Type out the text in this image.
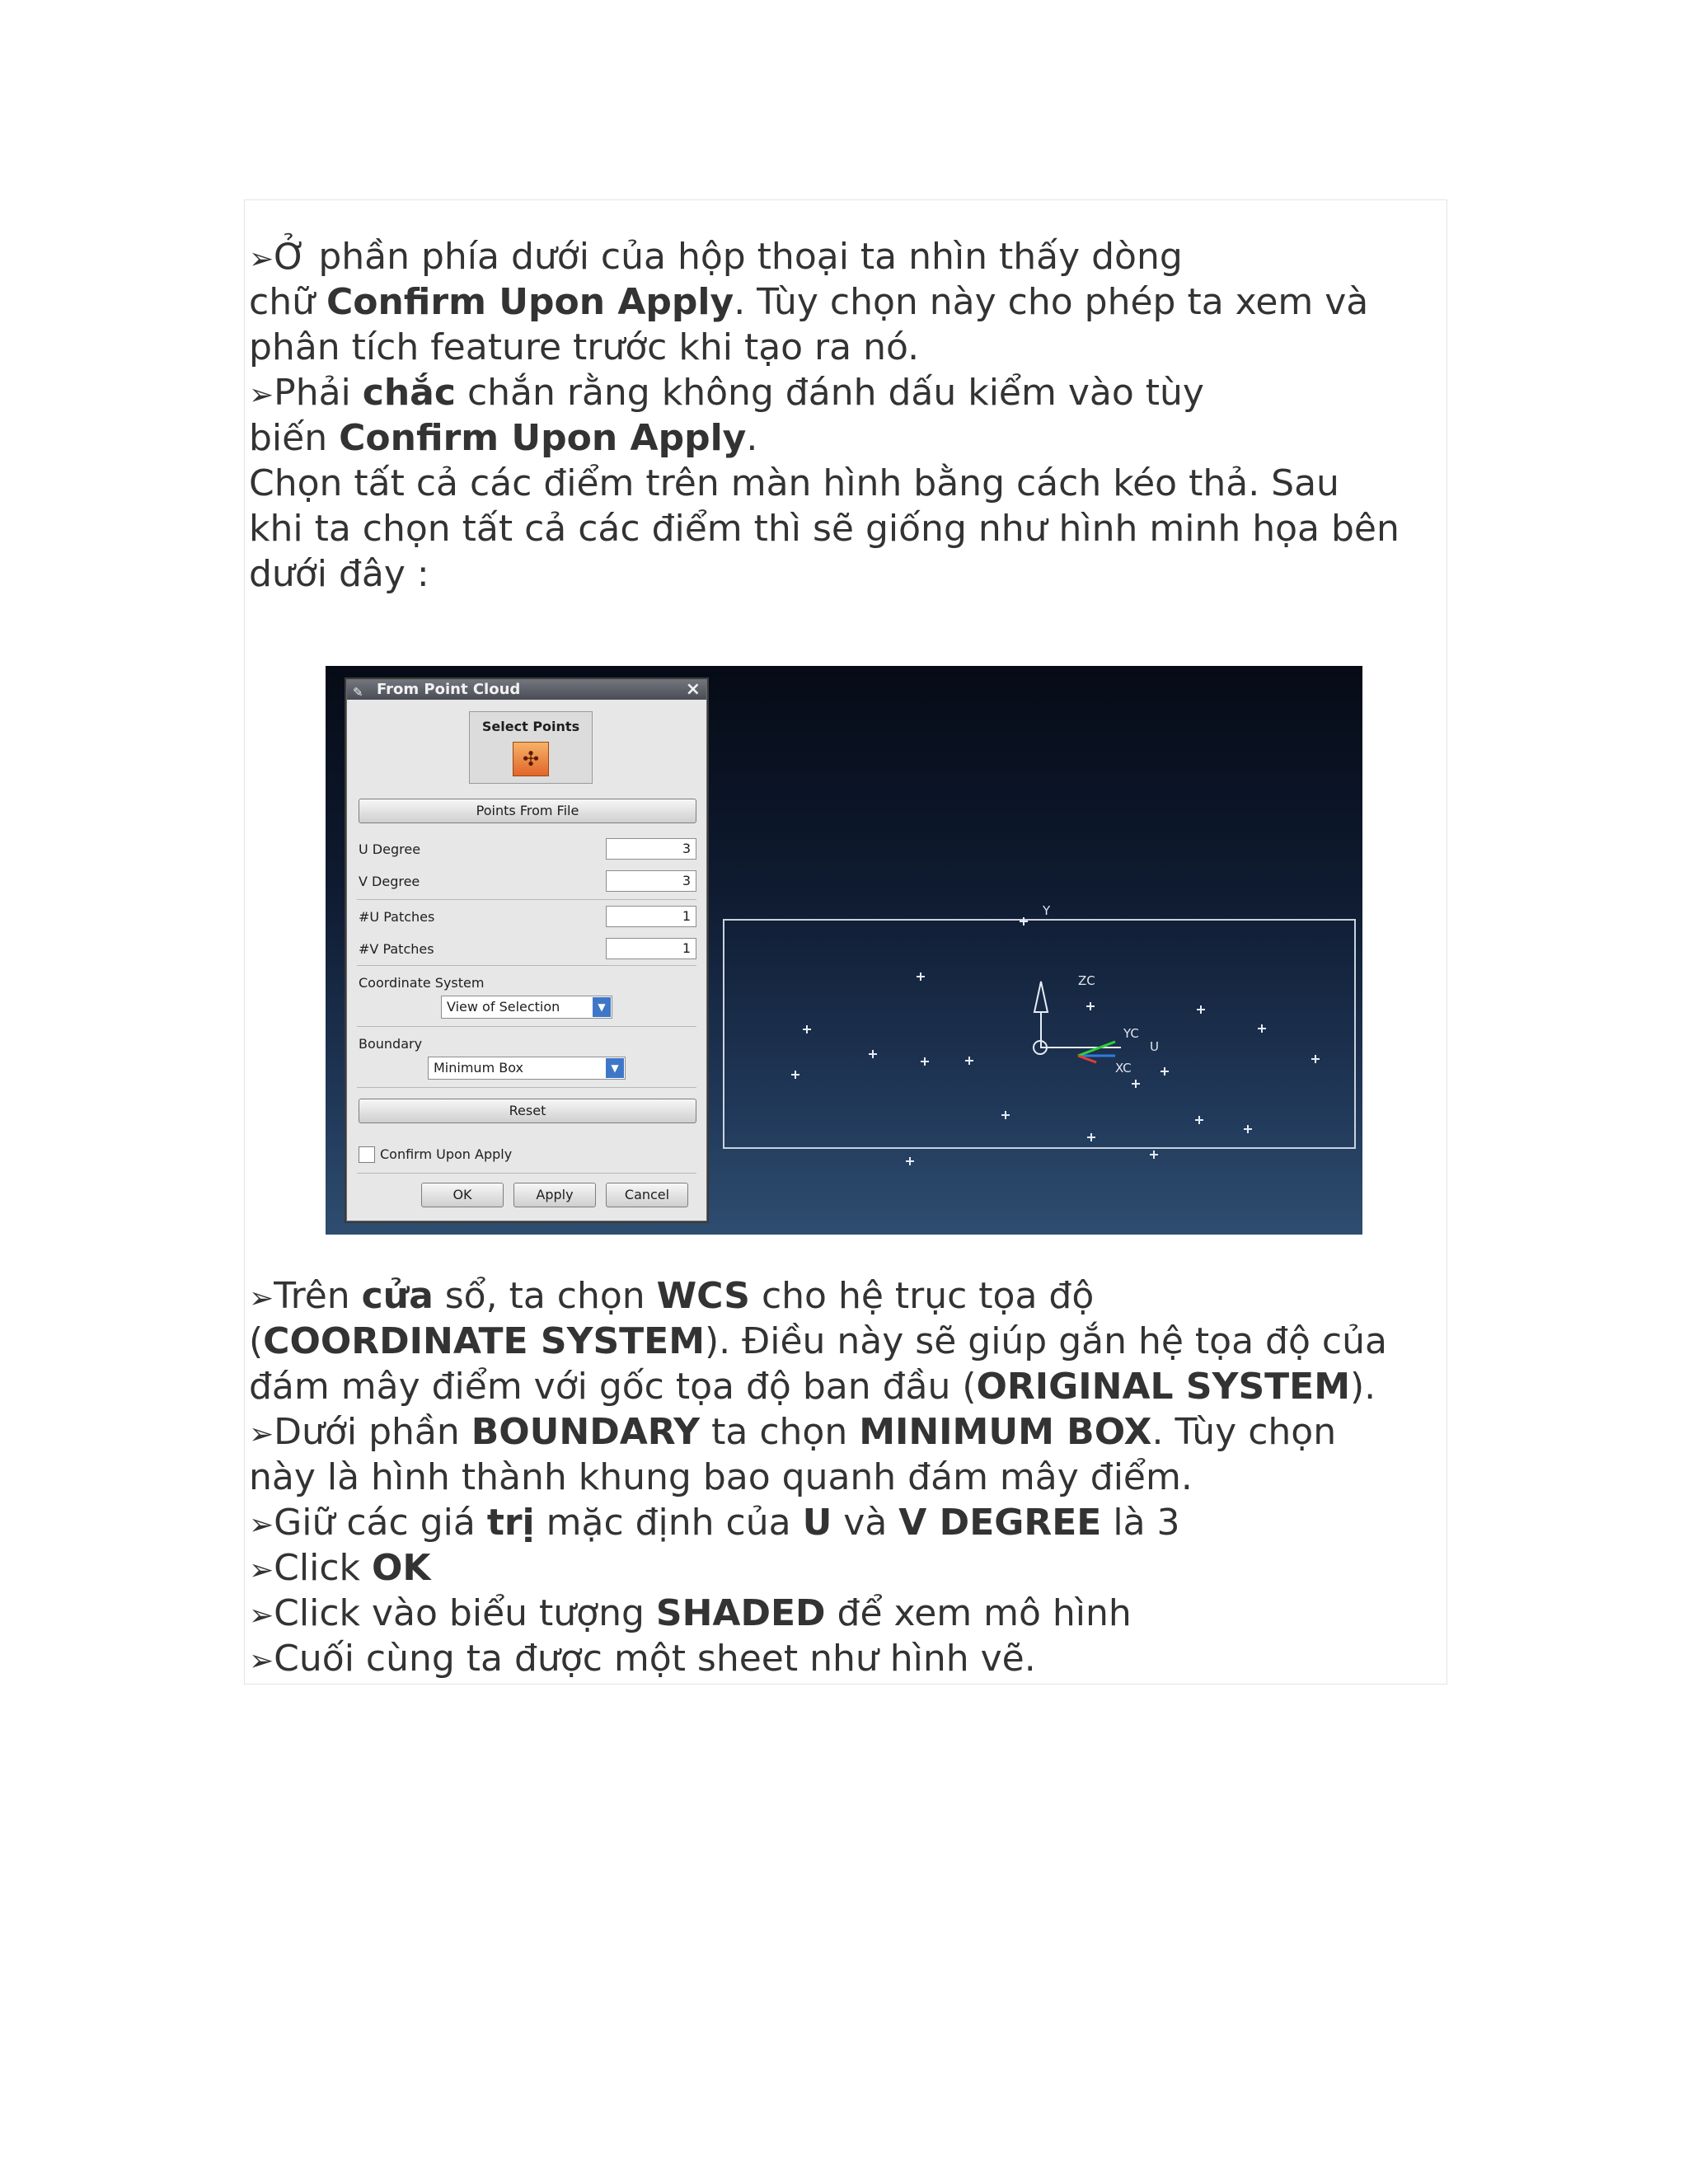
➢Ở phần phía dưới của hộp thoại ta nhìn thấy dòng
chữ Confirm Upon Apply. Tùy chọn này cho phép ta xem và
phân tích feature trước khi tạo ra nó.
➢Phải chắc chắn rằng không đánh dấu kiểm vào tùy
biến Confirm Upon Apply.
Chọn tất cả các điểm trên màn hình bằng cách kéo thả. Sau
khi ta chọn tất cả các điểm thì sẽ giống như hình minh họa bên
dưới đây :
Y
ZC
YC
U
XC
✎ From Point Cloud	×
Select Points
✣
Points From File
U Degree	3
V Degree	3
#U Patches	1
#V Patches	1
Coordinate System
View of Selection	▼
Boundary
Minimum Box	▼
Reset
Confirm Upon Apply
OK	Apply	Cancel
➢Trên cửa sổ, ta chọn WCS cho hệ trục tọa độ
(COORDINATE SYSTEM). Điều này sẽ giúp gắn hệ tọa độ của
đám mây điểm với gốc tọa độ ban đầu (ORIGINAL SYSTEM).
➢Dưới phần BOUNDARY ta chọn MINIMUM BOX. Tùy chọn
này là hình thành khung bao quanh đám mây điểm.
➢Giữ các giá trị mặc định của U và V DEGREE là 3
➢Click OK
➢Click vào biểu tượng SHADED để xem mô hình
➢Cuối cùng ta được một sheet như hình vẽ.
